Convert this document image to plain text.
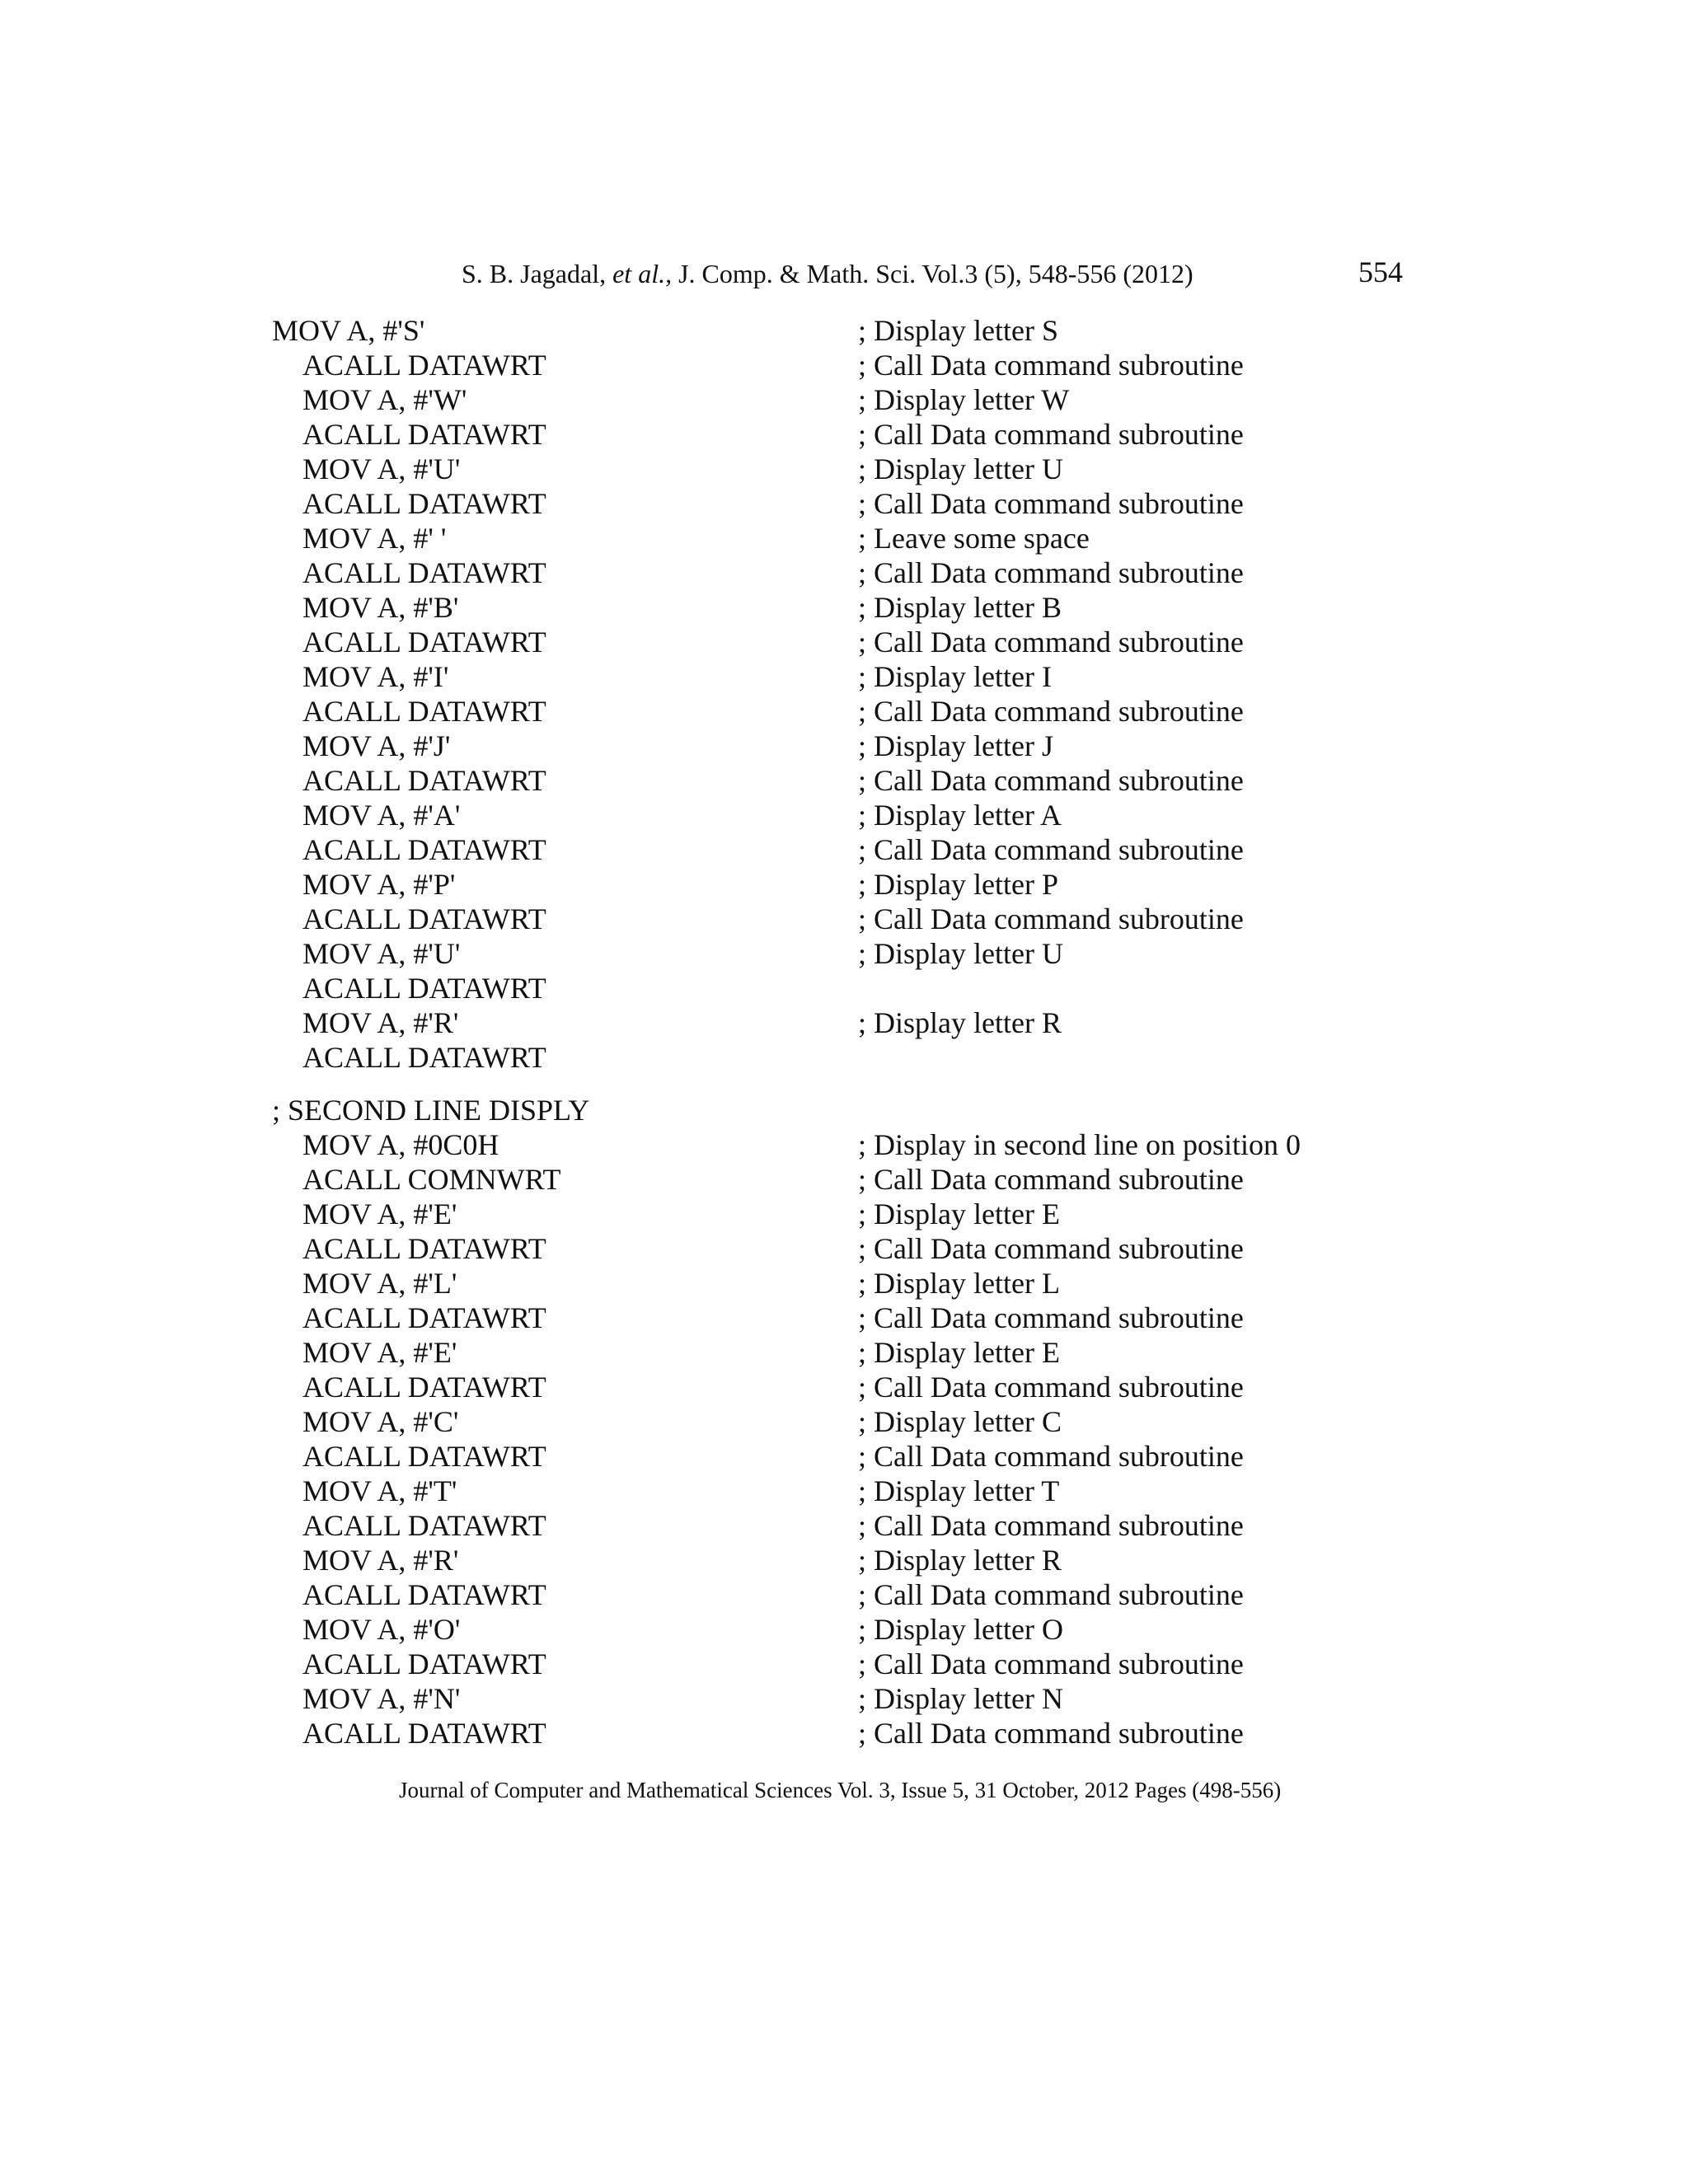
S. B. Jagadal, et al., J. Comp. & Math. Sci. Vol.3 (5), 548-556 (2012)	554
MOV A, #'S'	; Display letter S
ACALL DATAWRT	; Call Data command subroutine
MOV A, #'W'	; Display letter W
ACALL DATAWRT	; Call Data command subroutine
MOV A, #'U'	; Display letter U
ACALL DATAWRT	; Call Data command subroutine
MOV A, #' '	; Leave some space
ACALL DATAWRT	; Call Data command subroutine
MOV A, #'B'	; Display letter B
ACALL DATAWRT	; Call Data command subroutine
MOV A, #'I'	; Display letter I
ACALL DATAWRT	; Call Data command subroutine
MOV A, #'J'	; Display letter J
ACALL DATAWRT	; Call Data command subroutine
MOV A, #'A'	; Display letter A
ACALL DATAWRT	; Call Data command subroutine
MOV A, #'P'	; Display letter P
ACALL DATAWRT	; Call Data command subroutine
MOV A, #'U'	; Display letter U
ACALL DATAWRT
MOV A, #'R'	; Display letter R
ACALL DATAWRT
; SECOND LINE DISPLY
MOV A, #0C0H	; Display in second line on position 0
ACALL COMNWRT	; Call Data command subroutine
MOV A, #'E'	; Display letter E
ACALL DATAWRT	; Call Data command subroutine
MOV A, #'L'	; Display letter L
ACALL DATAWRT	; Call Data command subroutine
MOV A, #'E'	; Display letter E
ACALL DATAWRT	; Call Data command subroutine
MOV A, #'C'	; Display letter C
ACALL DATAWRT	; Call Data command subroutine
MOV A, #'T'	; Display letter T
ACALL DATAWRT	; Call Data command subroutine
MOV A, #'R'	; Display letter R
ACALL DATAWRT	; Call Data command subroutine
MOV A, #'O'	; Display letter O
ACALL DATAWRT	; Call Data command subroutine
MOV A, #'N'	; Display letter N
ACALL DATAWRT	; Call Data command subroutine
Journal of Computer and Mathematical Sciences Vol. 3, Issue 5, 31 October, 2012 Pages (498-556)
